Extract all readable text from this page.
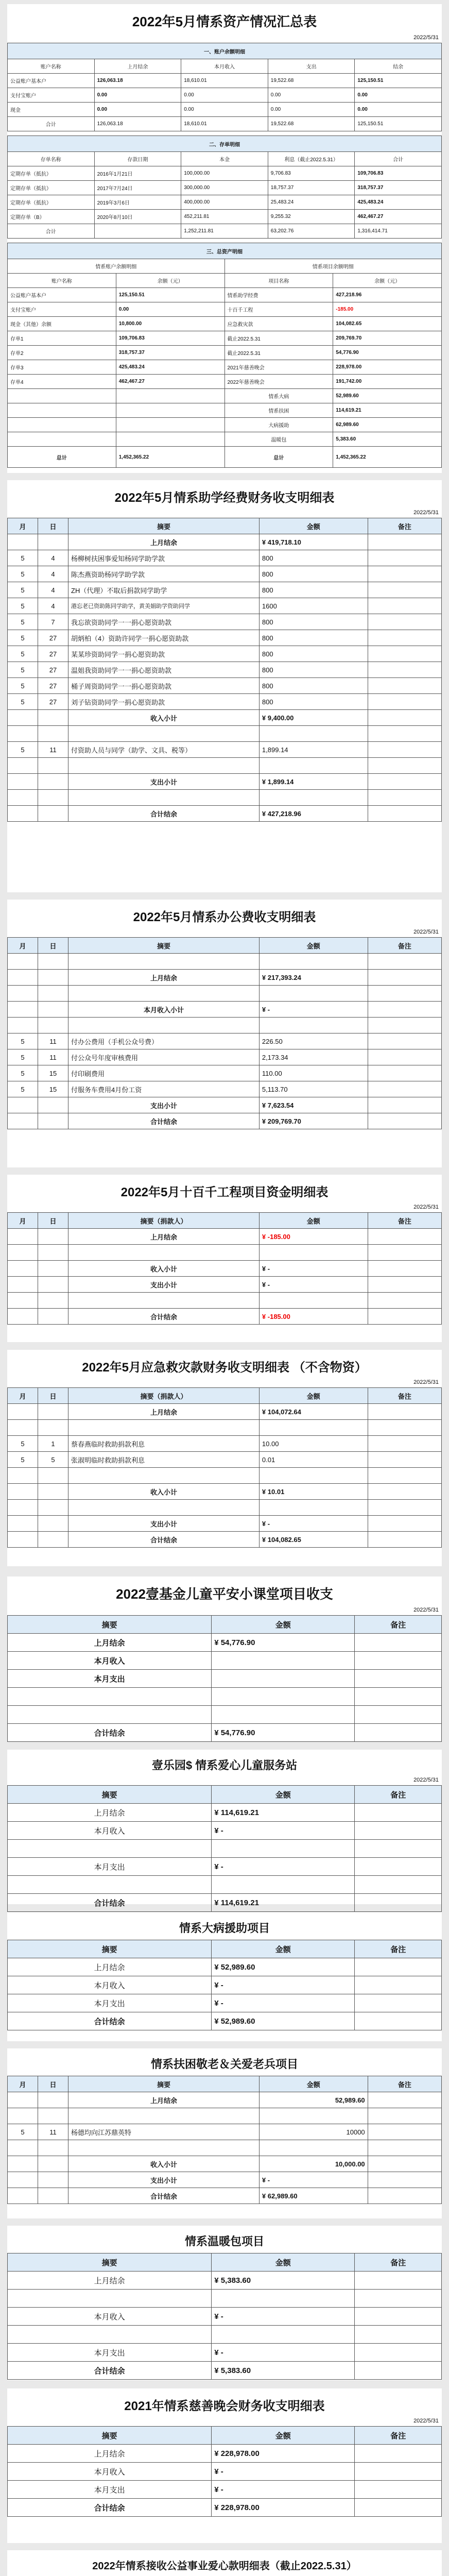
2022年5月情系资产情况汇总表
2022/5/31
一、账户余额明细				
账户名称	上月结余	本月收入	支出	结余
公益账户基本户	126,063.18	18,610.01	19,522.68	125,150.51
支付宝账户	0.00	0.00	0.00	0.00
现金	0.00	0.00	0.00	0.00
合计	126,063.18	18,610.01	19,522.68	125,150.51
二、存单明细				
存单名称	存款日期	本金	利息（截止2022.5.31）	合计
定期存单（抵抗）	2016年1月21日	100,000.00	9,706.83	109,706.83
定期存单（抵抗）	2017年7月24日	300,000.00	18,757.37	318,757.37
定期存单（抵抗）	2019年3月6日	400,000.00	25,483.24	425,483.24
定期存单（B）	2020年8月10日	452,211.81	9,255.32	462,467.27
合计		1,252,211.81	63,202.76	1,316,414.71
三、总资产明细			
情系账户余额明细		情系项目余额明细	
账户名称	余额（元）	项目名称	余额（元）
公益账户基本户	125,150.51	情系助学经费	427,218.96
支付宝账户	0.00	十百千工程	-185.00
现金（其他）余额	10,800.00	应急救灾款	104,082.65
存单1	109,706.83	截止2022.5.31	209,769.70
存单2	318,757.37	截止2022.5.31	54,776.90
存单3	425,483.24	2021年慈善晚会	228,978.00
存单4	462,467.27	2022年慈善晚会	191,742.00
		情系大病	52,989.60
		情系扶困	114,619.21
		大病援助	62,989.60
		温暖包	5,383.60
总计	1,452,365.22	总计	1,452,365.22
2022年5月情系助学经费财务收支明细表
2022/5/31
月	日	摘要	金额	备注
		上月结余	¥ 419,718.10	
5	4	杨柳树扶困事爱知杨同学助学款	800	
5	4	陈杰燕资助杨同学助学款	800	
5	4	ZH（代理）不取后捐款同学助学	800	
5	4	港忘老已资助陈同学助学，黄美娟助学资助同学	1600	
5	7	我忘欲资助同学一一捐心愿资助款	800	
5	27	胡炳柏（4）资助许同学一捐心愿资助款	800	
5	27	某某珍资助同学一捐心愿资助款	800	
5	27	温姐我资助同学一一捐心愿资助款	800	
5	27	桶子周资助同学一一捐心愿资助款	800	
5	27	刘子钻资助同学一捐心愿资助款	800	
		收入小计	¥ 9,400.00	

5	11	付资助人员与同学（助学、文具、税等）	1,899.14	

		支出小计	¥ 1,899.14	

		合计结余	¥ 427,218.96	
2022年5月情系办公费收支明细表
2022/5/31
月	日	摘要	金额	备注

		上月结余	¥ 217,393.24	

		本月收入小计	¥ -	

5	11	付办公费用（手机公众号费）	226.50	
5	11	付公众号年度审核费用	2,173.34	
5	15	付印刷费用	110.00	
5	15	付服务车费用4月份工资	5,113.70	
		支出小计	¥ 7,623.54	
		合计结余	¥ 209,769.70	
2022年5月十百千工程项目资金明细表
2022/5/31
月	日	摘要（捐款人）	金额	备注
		上月结余	¥ -185.00	

		收入小计	¥ -	
		支出小计	¥ -	

		合计结余	¥ -185.00	
2022年5月应急救灾款财务收支明细表 （不含物资）
2022/5/31
月	日	摘要（捐款人）	金额	备注
		上月结余	¥ 104,072.64	

5	1	蔡春燕临时救助捐款利息	10.00	
5	5	张淑明临时救助捐款利息	0.01	

		收入小计	¥ 10.01	

		支出小计	¥ -	
		合计结余	¥ 104,082.65	
2022壹基金儿童平安小课堂项目收支
2022/5/31
摘要	金额	备注
上月结余	¥ 54,776.90	
本月收入		
本月支出		

合计结余	¥ 54,776.90	
壹乐园$ 情系爱心儿童服务站
2022/5/31
摘要	金额	备注
上月结余	¥ 114,619.21	
本月收入	¥ -	

本月支出	¥ -	

合计结余	¥ 114,619.21	
情系大病援助项目
摘要	金额	备注
上月结余	¥ 52,989.60	
本月收入	¥ -	
本月支出	¥ -	
合计结余	¥ 52,989.60	
情系扶困敬老＆关爱老兵项目
月	日	摘要	金额	备注
		上月结余	52,989.60	

5	11	杨德均向江苏鼎英特	10000	

		收入小计	10,000.00	
		支出小计	¥ -	
		合计结余	¥ 62,989.60	
情系温暖包项目
摘要	金额	备注
上月结余	¥ 5,383.60	

本月收入	¥ -	

本月支出	¥ -	
合计结余	¥ 5,383.60	
2021年情系慈善晚会财务收支明细表
2022/5/31
摘要	金额	备注
上月结余	¥ 228,978.00	
本月收入	¥ -	
本月支出	¥ -	
合计结余	¥ 228,978.00	
2022年情系接收公益事业爱心款明细表（截止2022.5.31）
